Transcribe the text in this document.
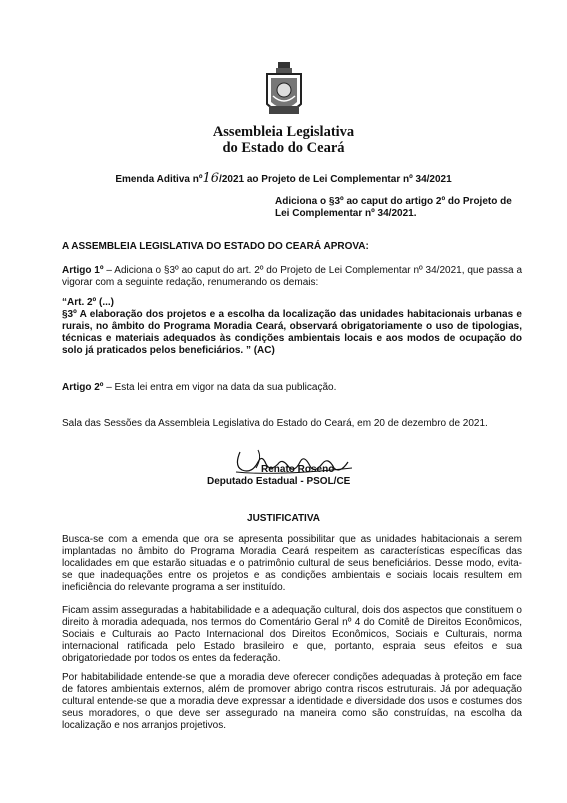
Assembleia Legislativa
do Estado do Ceará
Emenda Aditiva nº16/2021 ao Projeto de Lei Complementar nº 34/2021
Adiciona o §3º ao caput do artigo 2º do Projeto de Lei Complementar nº 34/2021.
A ASSEMBLEIA LEGISLATIVA DO ESTADO DO CEARÁ APROVA:

Artigo 1º – Adiciona o §3º ao caput do art. 2º do Projeto de Lei Complementar nº 34/2021, que passa a vigorar com a seguinte redação, renumerando os demais:

“Art. 2º (...)

§3º A elaboração dos projetos e a escolha da localização das unidades habitacionais urbanas e rurais, no âmbito do Programa Moradia Ceará, observará obrigatoriamente o uso de tipologias, técnicas e materiais adequados às condições ambientais locais e aos modos de ocupação do solo já praticados pelos beneficiários. ” (AC)

Artigo 2º – Esta lei entra em vigor na data da sua publicação.

Sala das Sessões da Assembleia Legislativa do Estado do Ceará, em 20 de dezembro de 2021.

Renato Roseno
Deputado Estadual - PSOL/CE
JUSTIFICATIVA

Busca-se com a emenda que ora se apresenta possibilitar que as unidades habitacionais a serem implantadas no âmbito do Programa Moradia Ceará respeitem as características específicas das localidades em que estarão situadas e o patrimônio cultural de seus beneficiários. Desse modo, evita-se que inadequações entre os projetos e as condições ambientais e sociais locais resultem em ineficiência do relevante programa a ser instituído.

Ficam assim asseguradas a habitabilidade e a adequação cultural, dois dos aspectos que constituem o direito à moradia adequada, nos termos do Comentário Geral nº 4 do Comitê de Direitos Econômicos, Sociais e Culturais ao Pacto Internacional dos Direitos Econômicos, Sociais e Culturais, norma internacional ratificada pelo Estado brasileiro e que, portanto, espraia seus efeitos e sua obrigatoriedade por todos os entes da federação.

Por habitabilidade entende-se que a moradia deve oferecer condições adequadas à proteção em face de fatores ambientais externos, além de promover abrigo contra riscos estruturais. Já por adequação cultural entende-se que a moradia deve expressar a identidade e diversidade dos usos e costumes dos seus moradores, o que deve ser assegurado na maneira como são construídas, na escolha da localização e nos arranjos projetivos.
